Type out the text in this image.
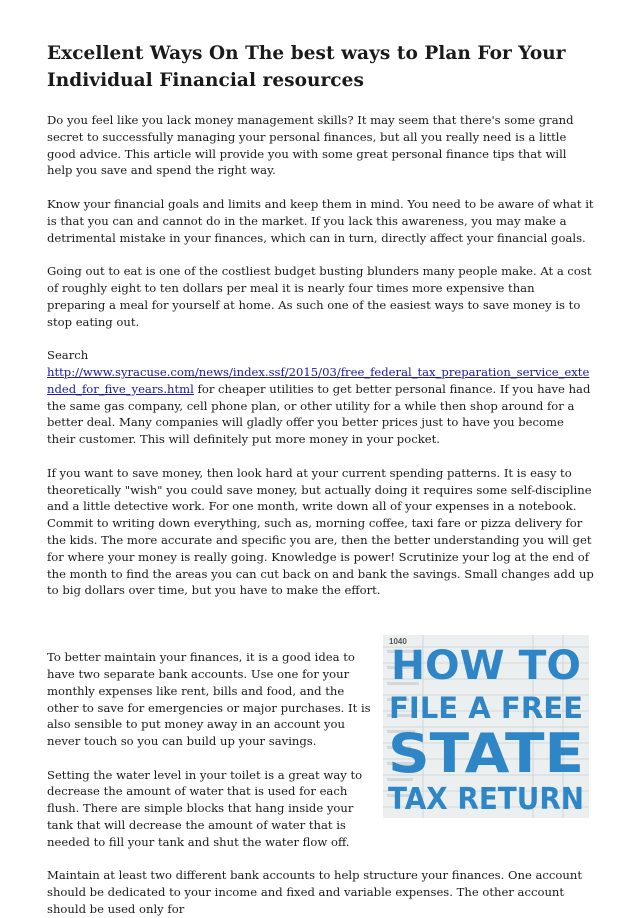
Excellent Ways On The best ways to Plan For Your Individual Financial resources

Do you feel like you lack money management skills? It may seem that there's some grand secret to successfully managing your personal finances, but all you really need is a little good advice. This article will provide you with some great personal finance tips that will help you save and spend the right way.

Know your financial goals and limits and keep them in mind. You need to be aware of what it is that you can and cannot do in the market. If you lack this awareness, you may make a detrimental mistake in your finances, which can in turn, directly affect your financial goals.

Going out to eat is one of the costliest budget busting blunders many people make. At a cost of roughly eight to ten dollars per meal it is nearly four times more expensive than preparing a meal for yourself at home. As such one of the easiest ways to save money is to stop eating out.

Search
http://www.syracuse.com/news/index.ssf/2015/03/free_federal_tax_preparation_service_extended_for_five_years.html for cheaper utilities to get better personal finance. If you have had the same gas company, cell phone plan, or other utility for a while then shop around for a better deal. Many companies will gladly offer you better prices just to have you become their customer. This will definitely put more money in your pocket.

If you want to save money, then look hard at your current spending patterns. It is easy to theoretically "wish" you could save money, but actually doing it requires some self-discipline and a little detective work. For one month, write down all of your expenses in a notebook. Commit to writing down everything, such as, morning coffee, taxi fare or pizza delivery for the kids. The more accurate and specific you are, then the better understanding you will get for where your money is really going. Knowledge is power! Scrutinize your log at the end of the month to find the areas you can cut back on and bank the savings. Small changes add up to big dollars over time, but you have to make the effort.

To better maintain your finances, it is a good idea to have two separate bank accounts. Use one for your monthly expenses like rent, bills and food, and the other to save for emergencies or major purchases. It is also sensible to put money away in an account you never touch so you can build up your savings.

Setting the water level in your toilet is a great way to decrease the amount of water that is used for each flush. There are simple blocks that hang inside your tank that will decrease the amount of water that is needed to fill your tank and shut the water flow off.

1040
HOW TO
FILE A FREE
STATE
TAX RETURN

Maintain at least two different bank accounts to help structure your finances. One account should be dedicated to your income and fixed and variable expenses. The other account should be used only for
